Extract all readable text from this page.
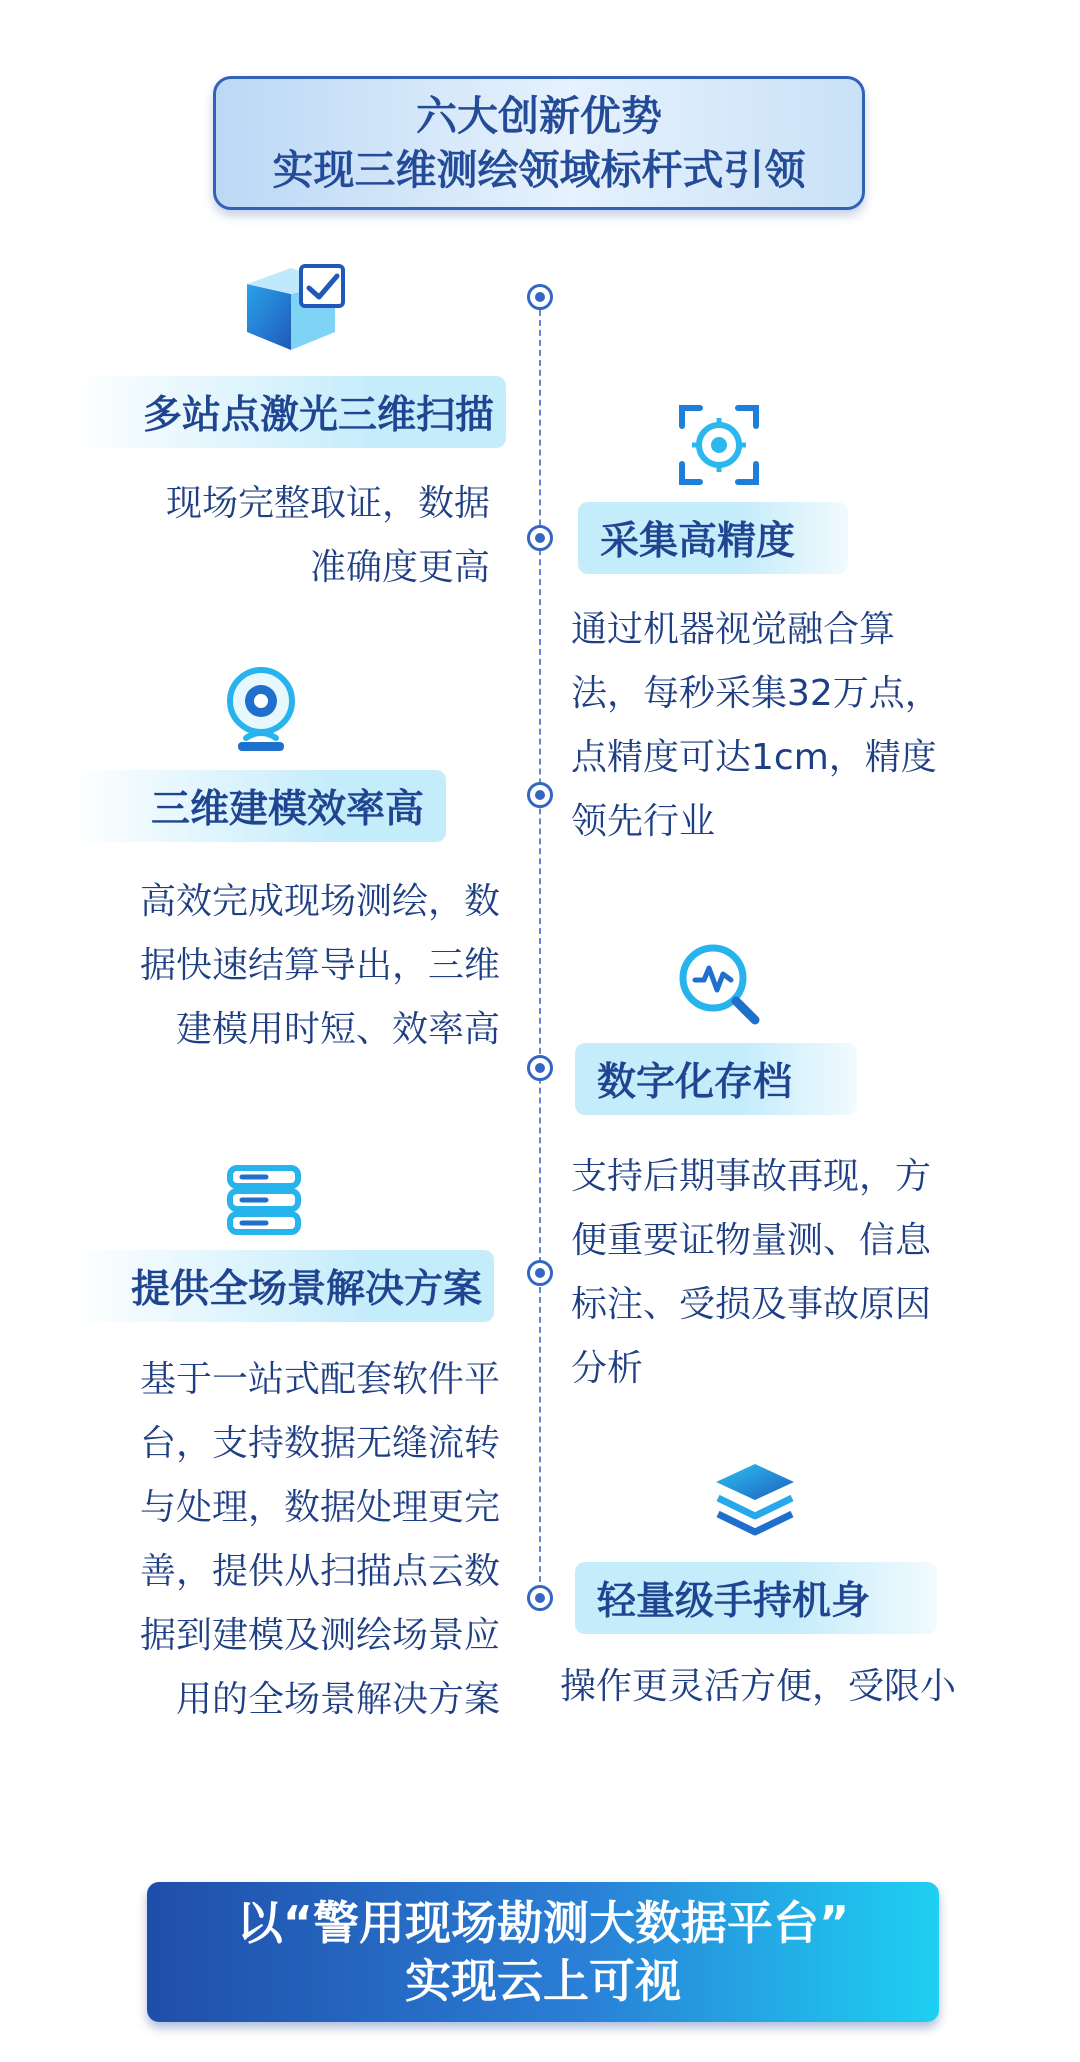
六大创新优势
实现三维测绘领域标杆式引领
多站点激光三维扫描
现场完整取证，数据
准确度更高
采集高精度
通过机器视觉融合算
法，每秒采集32万点，
点精度可达1cm，精度
领先行业
三维建模效率高
高效完成现场测绘，数
据快速结算导出，三维
建模用时短、效率高
数字化存档
支持后期事故再现，方
便重要证物量测、信息
标注、受损及事故原因
分析
提供全场景解决方案
基于一站式配套软件平
台，支持数据无缝流转
与处理，数据处理更完
善，提供从扫描点云数
据到建模及测绘场景应
用的全场景解决方案
轻量级手持机身
操作更灵活方便，受限小
以“警用现场勘测大数据平台”
实现云上可视
